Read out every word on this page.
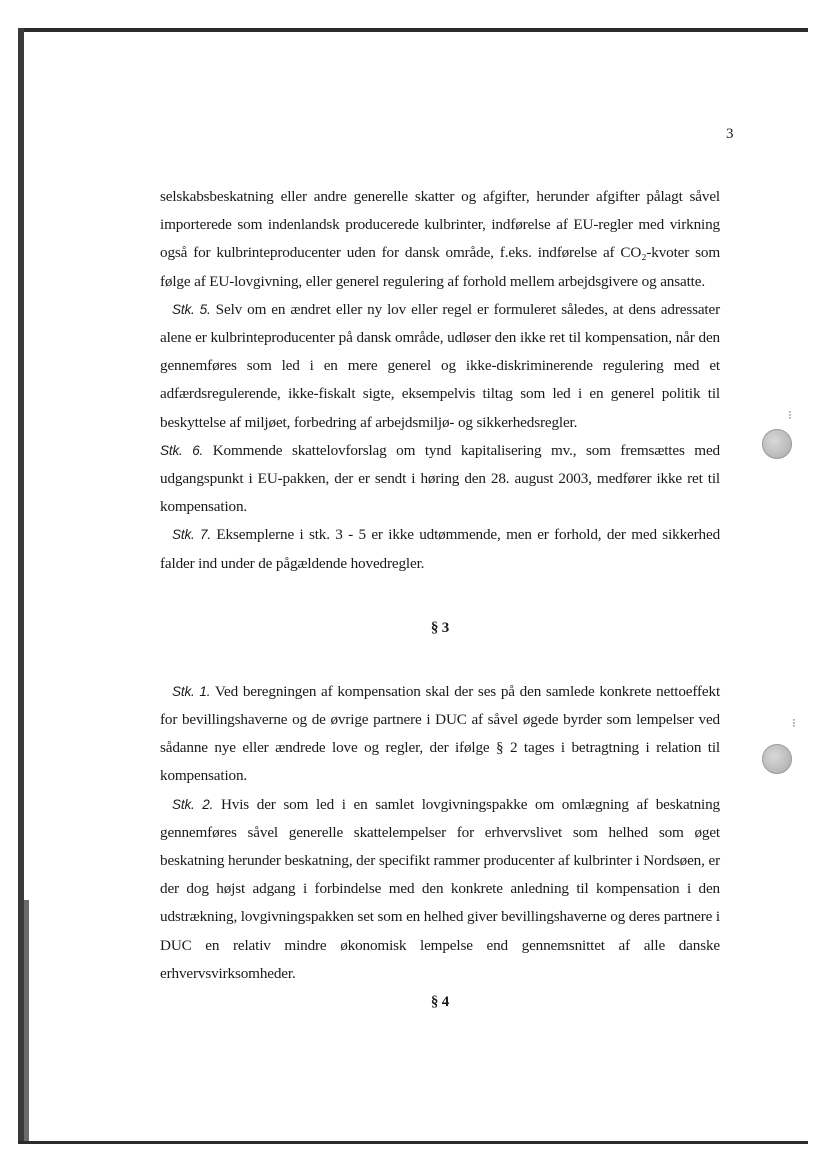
3

selskabsbeskatning eller andre generelle skatter og afgifter, herunder afgifter pålagt såvel importerede som indenlandsk producerede kulbrinter, indførelse af EU-regler med virkning også for kulbrinteproducenter uden for dansk område, f.eks. indførelse af CO₂-kvoter som følge af EU-lovgivning, eller generel regulering af forhold mellem arbejdsgivere og ansatte.

Stk. 5. Selv om en ændret eller ny lov eller regel er formuleret således, at dens adressater alene er kulbrinteproducenter på dansk område, udløser den ikke ret til kompensation, når den gennemføres som led i en mere generel og ikke-diskriminerende regulering med et adfærdsregulerende, ikke-fiskalt sigte, eksempelvis tiltag som led i en generel politik til beskyttelse af miljøet, forbedring af arbejdsmiljø- og sikkerhedsregler.

Stk. 6. Kommende skattelovforslag om tynd kapitalisering mv., som fremsættes med udgangspunkt i EU-pakken, der er sendt i høring den 28. august 2003, medfører ikke ret til kompensation.

Stk. 7. Eksemplerne i stk. 3 - 5 er ikke udtømmende, men er forhold, der med sikkerhed falder ind under de pågældende hovedregler.

§ 3

Stk. 1. Ved beregningen af kompensation skal der ses på den samlede konkrete nettoeffekt for bevillingshaverne og de øvrige partnere i DUC af såvel øgede byrder som lempelser ved sådanne nye eller ændrede love og regler, der ifølge § 2 tages i betragtning i relation til kompensation.

Stk. 2. Hvis der som led i en samlet lovgivningspakke om omlægning af beskatning gennemføres såvel generelle skattelempelser for erhvervslivet som helhed som øget beskatning herunder beskatning, der specifikt rammer producenter af kulbrinter i Nordsøen, er der dog højst adgang i forbindelse med den konkrete anledning til kompensation i den udstrækning, lovgivningspakken set som en helhed giver bevillingshaverne og deres partnere i DUC en relativ mindre økonomisk lempelse end gennemsnittet af alle danske erhvervsvirksomheder.

§ 4

⁝
⁝
